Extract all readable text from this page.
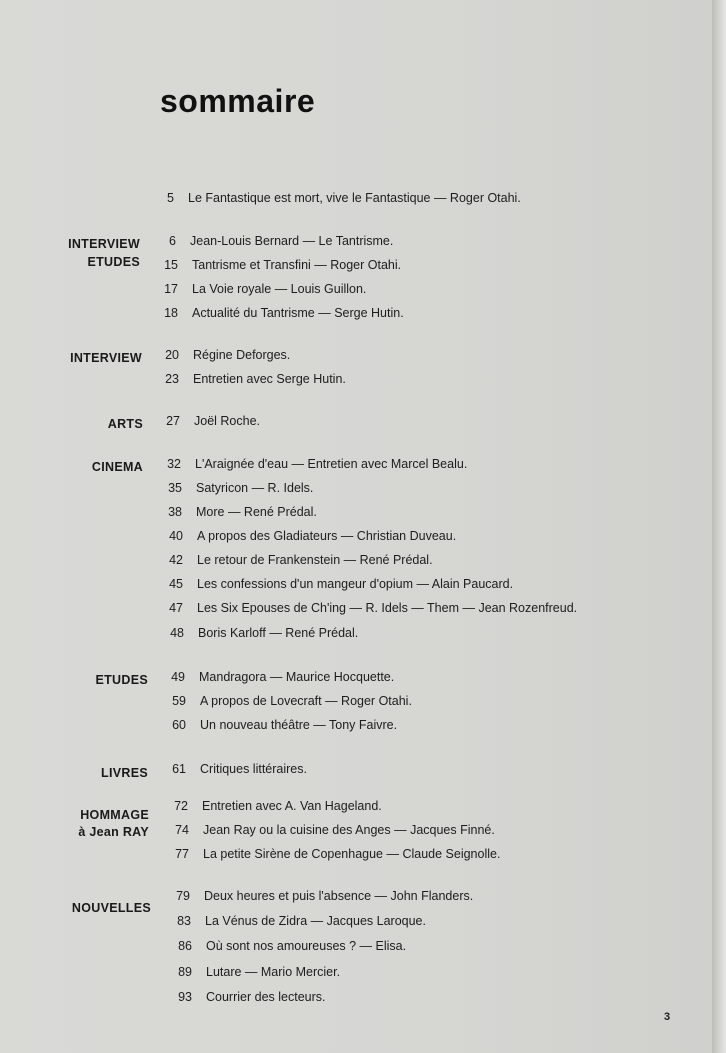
sommaire
5 Le Fantastique est mort, vive le Fantastique — Roger Otahi.
INTERVIEW
ETUDES
6 Jean-Louis Bernard — Le Tantrisme.
15 Tantrisme et Transfini — Roger Otahi.
17 La Voie royale — Louis Guillon.
18 Actualité du Tantrisme — Serge Hutin.
INTERVIEW	20 Régine Deforges.
23 Entretien avec Serge Hutin.
ARTS	27 Joël Roche.
CINEMA	32 L'Araignée d'eau — Entretien avec Marcel Bealu.
35 Satyricon — R. Idels.
38 More — René Prédal.
40 A propos des Gladiateurs — Christian Duveau.
42 Le retour de Frankenstein — René Prédal.
45 Les confessions d'un mangeur d'opium — Alain Paucard.
47 Les Six Epouses de Ch'ing — R. Idels — Them — Jean Rozenfreud.
48 Boris Karloff — René Prédal.
ETUDES	49 Mandragora — Maurice Hocquette.
59 A propos de Lovecraft — Roger Otahi.
60 Un nouveau théâtre — Tony Faivre.
LIVRES	61 Critiques littéraires.
HOMMAGE
à Jean RAY
72 Entretien avec A. Van Hageland.
74 Jean Ray ou la cuisine des Anges — Jacques Finné.
77 La petite Sirène de Copenhague — Claude Seignolle.
NOUVELLES
79 Deux heures et puis l'absence — John Flanders.
83 La Vénus de Zidra — Jacques Laroque.
86 Où sont nos amoureuses ? — Elisa.
89 Lutare — Mario Mercier.
93 Courrier des lecteurs.
3
